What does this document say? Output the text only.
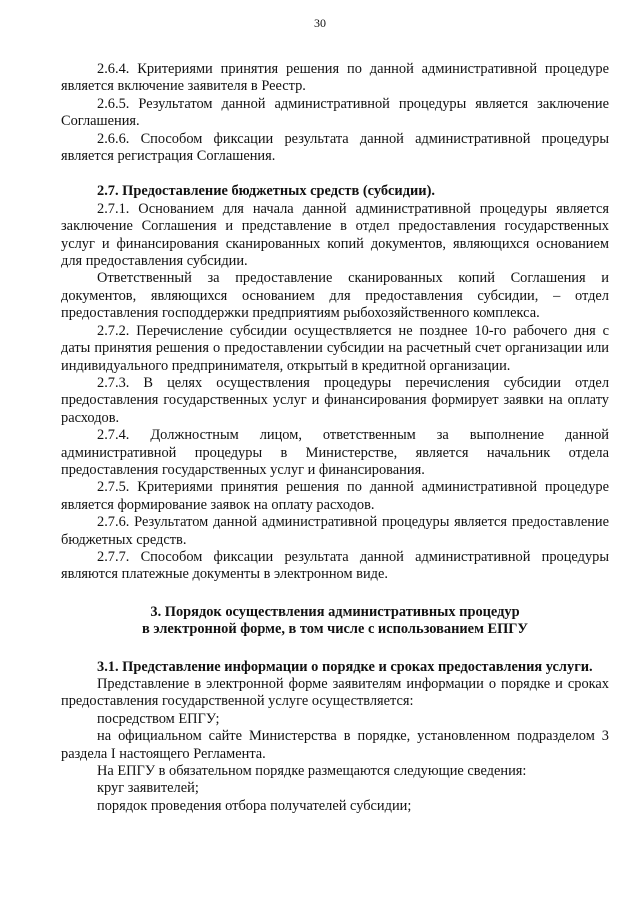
30

2.6.4. Критериями принятия решения по данной административной процедуре является включение заявителя в Реестр.

2.6.5. Результатом данной административной процедуры является заключение Соглашения.

2.6.6. Способом фиксации результата данной административной процедуры является регистрация Соглашения.

2.7. Предоставление бюджетных средств (субсидии).

2.7.1. Основанием для начала данной административной процедуры является заключение Соглашения и представление в отдел предоставления государственных услуг и финансирования сканированных копий документов, являющихся основанием для предоставления субсидии.

Ответственный за предоставление сканированных копий Соглашения и документов, являющихся основанием для предоставления субсидии, – отдел предоставления господдержки предприятиям рыбохозяйственного комплекса.

2.7.2. Перечисление субсидии осуществляется не позднее 10-го рабочего дня с даты принятия решения о предоставлении субсидии на расчетный счет организации или индивидуального предпринимателя, открытый в кредитной организации.

2.7.3. В целях осуществления процедуры перечисления субсидии отдел предоставления государственных услуг и финансирования формирует заявки на оплату расходов.

2.7.4. Должностным лицом, ответственным за выполнение данной административной процедуры в Министерстве, является начальник отдела предоставления государственных услуг и финансирования.

2.7.5. Критериями принятия решения по данной административной процедуре является формирование заявок на оплату расходов.

2.7.6. Результатом данной административной процедуры является предоставление бюджетных средств.

2.7.7. Способом фиксации результата данной административной процедуры являются платежные документы в электронном виде.

3. Порядок осуществления административных процедур

в электронной форме, в том числе с использованием ЕПГУ

3.1. Представление информации о порядке и сроках предоставления услуги.

Представление в электронной форме заявителям информации о порядке и сроках предоставления государственной услуге осуществляется:

посредством ЕПГУ;

на официальном сайте Министерства в порядке, установленном подразделом 3 раздела I настоящего Регламента.

На ЕПГУ в обязательном порядке размещаются следующие сведения:

круг заявителей;

порядок проведения отбора получателей субсидии;
